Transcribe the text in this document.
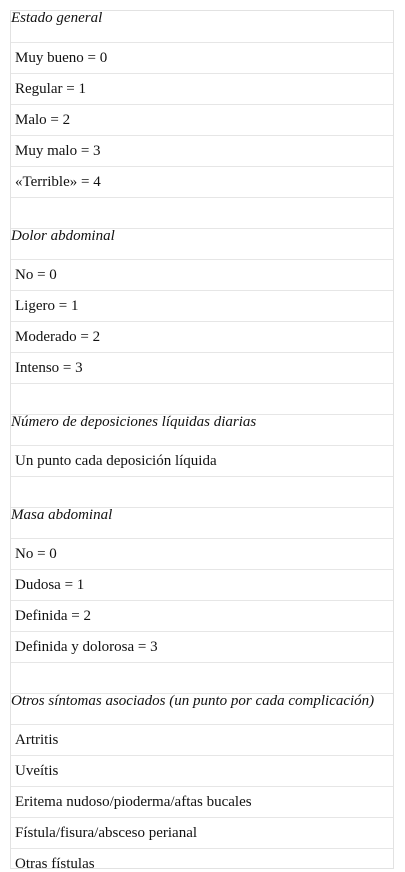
Estado general
Muy bueno = 0
Regular = 1
Malo = 2
Muy malo = 3
«Terrible» = 4
Dolor abdominal
No = 0
Ligero = 1
Moderado = 2
Intenso = 3
Número de deposiciones líquidas diarias
Un punto cada deposición líquida
Masa abdominal
No = 0
Dudosa = 1
Definida = 2
Definida y dolorosa = 3
Otros síntomas asociados (un punto por cada complicación)
Artritis
Uveítis
Eritema nudoso/pioderma/aftas bucales
Fístula/fisura/absceso perianal
Otras fístulas
